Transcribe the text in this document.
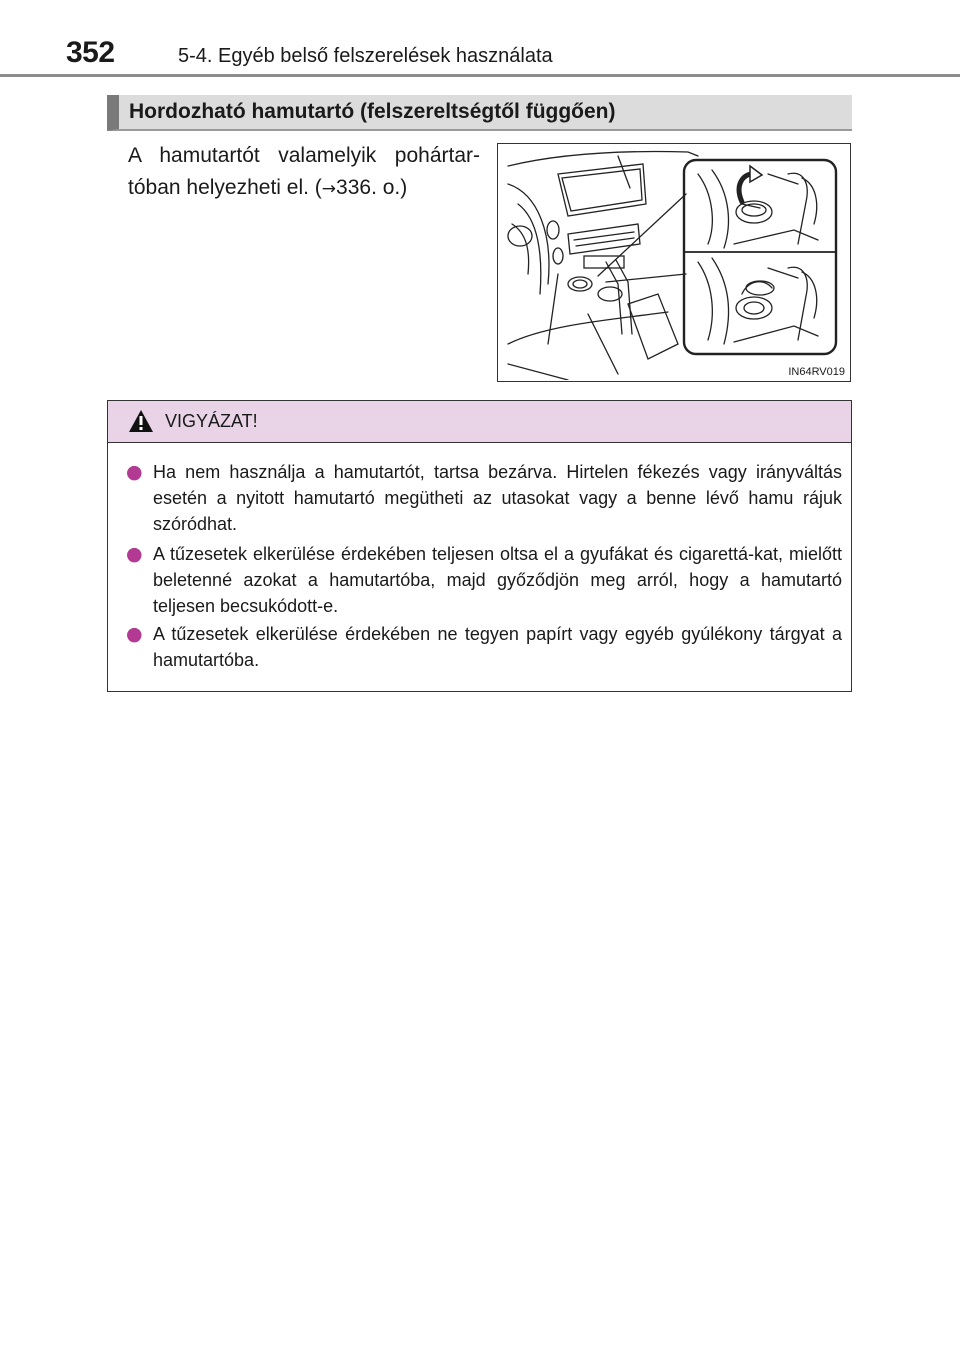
352	5-4. Egyéb belső felszerelések használata
Hordozható hamutartó (felszereltségtől függően)
A hamutartót valamelyik pohártar-tóban helyezheti el. (→336. o.)
IN64RV019
VIGYÁZAT!
● Ha nem használja a hamutartót, tartsa bezárva. Hirtelen fékezés vagy irányváltás esetén a nyitott hamutartó megütheti az utasokat vagy a benne lévő hamu rájuk szóródhat.
● A tűzesetek elkerülése érdekében teljesen oltsa el a gyufákat és cigarettá-kat, mielőtt beletenné azokat a hamutartóba, majd győződjön meg arról, hogy a hamutartó teljesen becsukódott-e.
● A tűzesetek elkerülése érdekében ne tegyen papírt vagy egyéb gyúlékony tárgyat a hamutartóba.
